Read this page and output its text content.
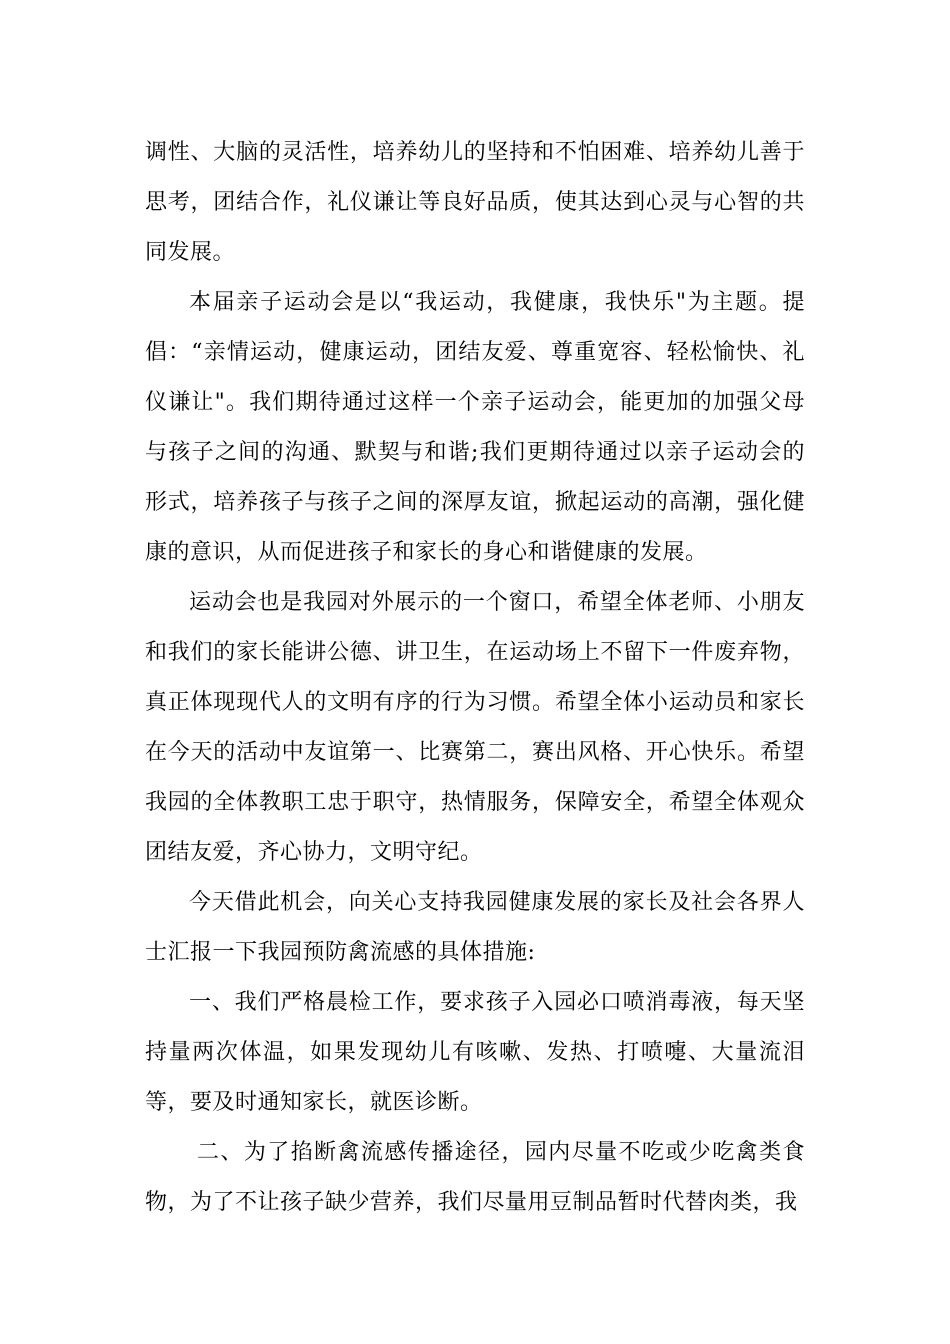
调性、大脑的灵活性，培养幼儿的坚持和不怕困难、培养幼儿善于思考，团结合作，礼仪谦让等良好品质，使其达到心灵与心智的共同发展。

本届亲子运动会是以“我运动，我健康，我快乐"为主题。提倡：“亲情运动，健康运动，团结友爱、尊重宽容、轻松愉快、礼仪谦让"。我们期待通过这样一个亲子运动会，能更加的加强父母与孩子之间的沟通、默契与和谐;我们更期待通过以亲子运动会的形式，培养孩子与孩子之间的深厚友谊，掀起运动的高潮，强化健康的意识，从而促进孩子和家长的身心和谐健康的发展。

运动会也是我园对外展示的一个窗口，希望全体老师、小朋友和我们的家长能讲公德、讲卫生，在运动场上不留下一件废弃物，真正体现现代人的文明有序的行为习惯。希望全体小运动员和家长在今天的活动中友谊第一、比赛第二，赛出风格、开心快乐。希望我园的全体教职工忠于职守，热情服务，保障安全，希望全体观众团结友爱，齐心协力，文明守纪。

今天借此机会，向关心支持我园健康发展的家长及社会各界人士汇报一下我园预防禽流感的具体措施:

一、我们严格晨检工作，要求孩子入园必口喷消毒液，每天坚持量两次体温，如果发现幼儿有咳嗽、发热、打喷嚏、大量流泪等，要及时通知家长，就医诊断。

二、为了掐断禽流感传播途径，园内尽量不吃或少吃禽类食物，为了不让孩子缺少营养，我们尽量用豆制品暂时代替肉类，我
